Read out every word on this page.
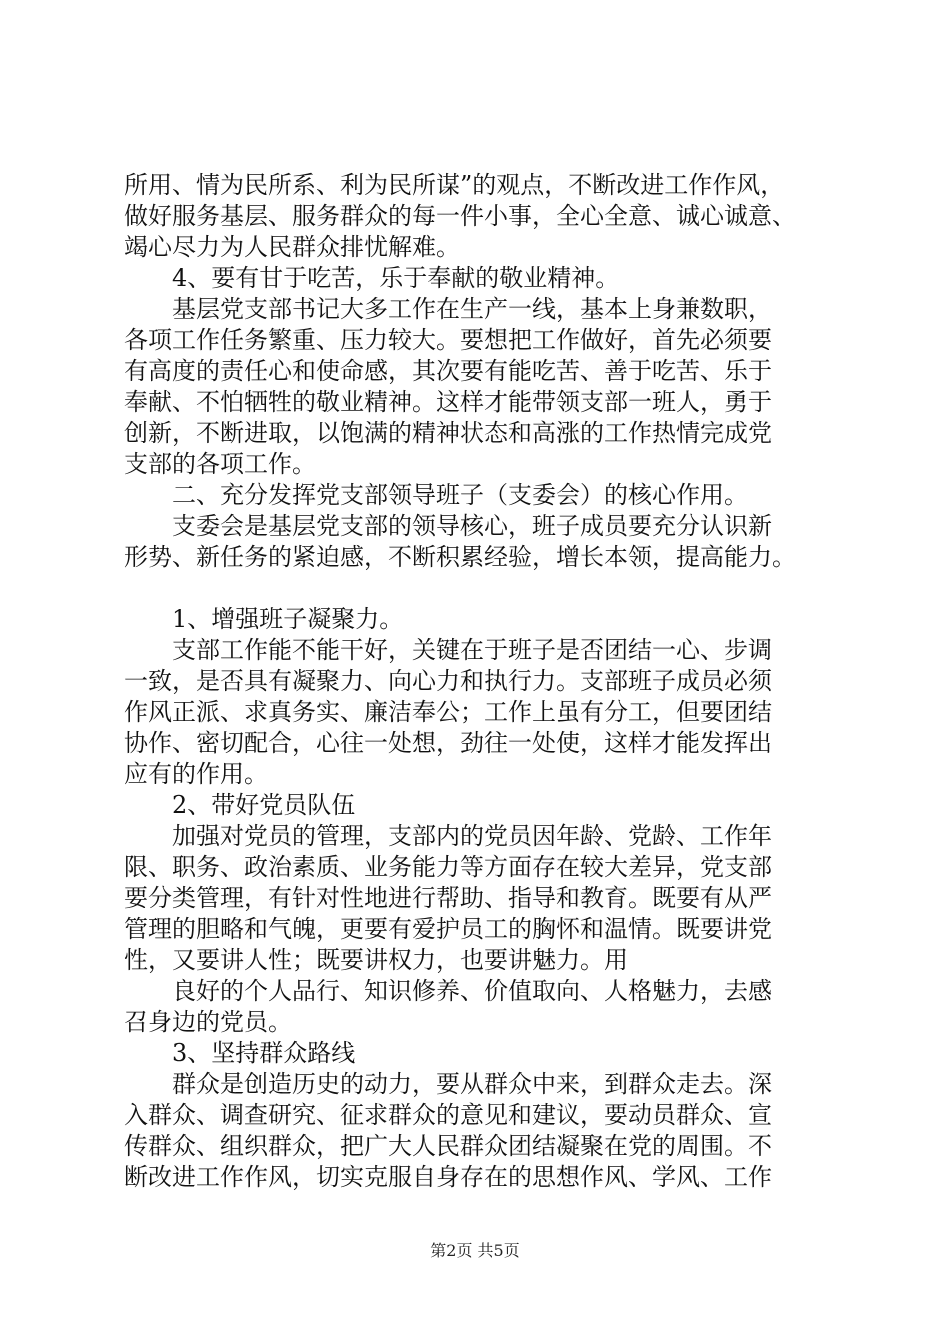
所用、情为民所系、利为民所谋”的观点，不断改进工作作风，
做好服务基层、服务群众的每一件小事，全心全意、诚心诚意、
竭心尽力为人民群众排忧解难。
4、要有甘于吃苦，乐于奉献的敬业精神。
基层党支部书记大多工作在生产一线，基本上身兼数职，
各项工作任务繁重、压力较大。要想把工作做好，首先必须要
有高度的责任心和使命感，其次要有能吃苦、善于吃苦、乐于
奉献、不怕牺牲的敬业精神。这样才能带领支部一班人，勇于
创新，不断进取，以饱满的精神状态和高涨的工作热情完成党
支部的各项工作。
二、充分发挥党支部领导班子（支委会）的核心作用。
支委会是基层党支部的领导核心，班子成员要充分认识新
形势、新任务的紧迫感，不断积累经验，增长本领，提高能力。
1、增强班子凝聚力。
支部工作能不能干好，关键在于班子是否团结一心、步调
一致，是否具有凝聚力、向心力和执行力。支部班子成员必须
作风正派、求真务实、廉洁奉公；工作上虽有分工，但要团结
协作、密切配合，心往一处想，劲往一处使，这样才能发挥出
应有的作用。
2、带好党员队伍
加强对党员的管理，支部内的党员因年龄、党龄、工作年
限、职务、政治素质、业务能力等方面存在较大差异，党支部
要分类管理，有针对性地进行帮助、指导和教育。既要有从严
管理的胆略和气魄，更要有爱护员工的胸怀和温情。既要讲党
性，又要讲人性；既要讲权力，也要讲魅力。用
良好的个人品行、知识修养、价值取向、人格魅力，去感
召身边的党员。
3、坚持群众路线
群众是创造历史的动力，要从群众中来，到群众走去。深
入群众、调查研究、征求群众的意见和建议，要动员群众、宣
传群众、组织群众，把广大人民群众团结凝聚在党的周围。不
断改进工作作风，切实克服自身存在的思想作风、学风、工作
第2页 共5页
